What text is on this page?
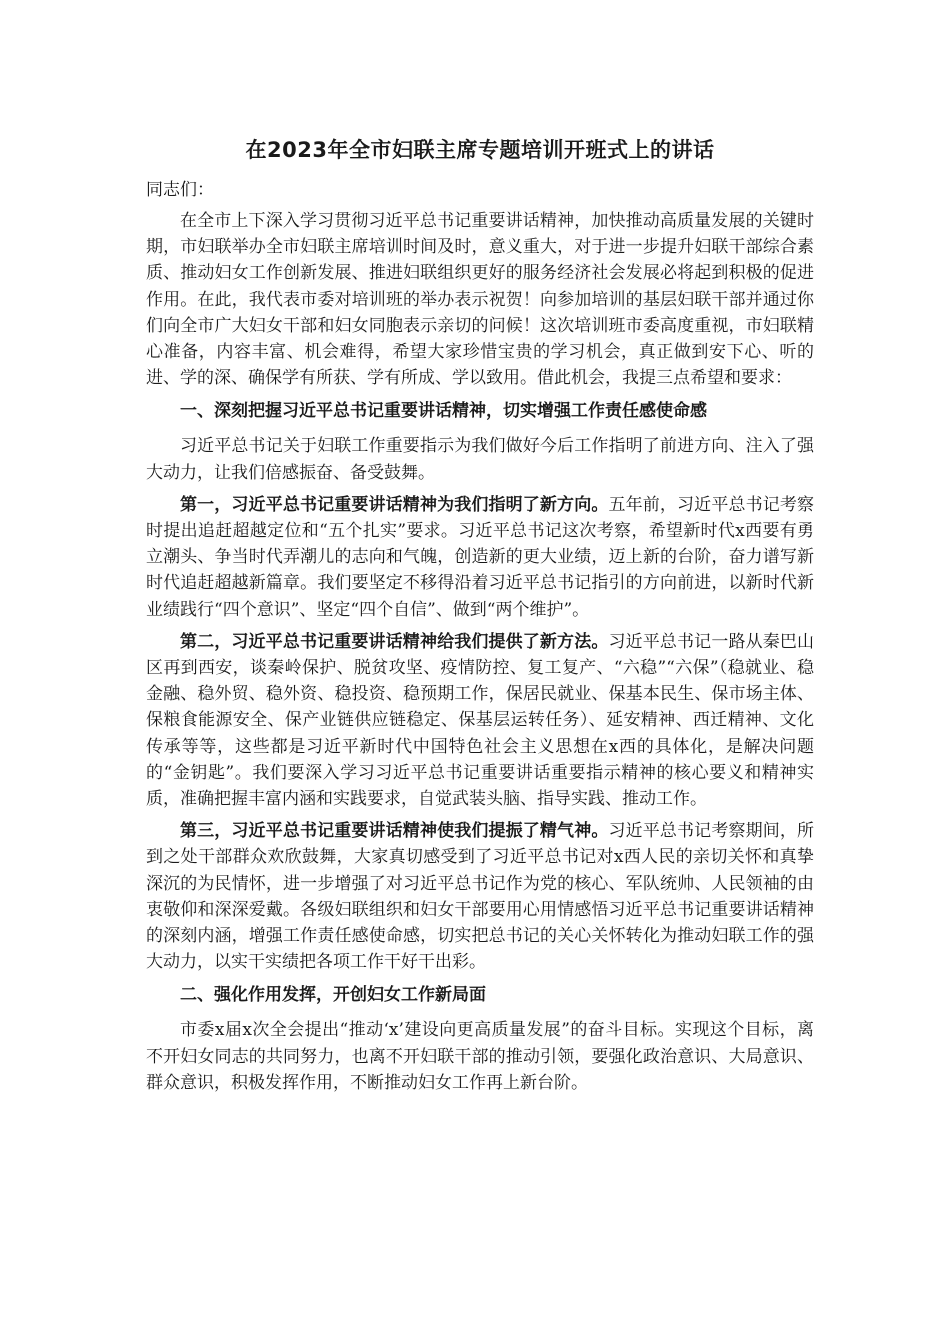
在2023年全市妇联主席专题培训开班式上的讲话

同志们：

在全市上下深入学习贯彻习近平总书记重要讲话精神，加快推动高质量发展的关键时期，市妇联举办全市妇联主席培训时间及时，意义重大，对于进一步提升妇联干部综合素质、推动妇女工作创新发展、推进妇联组织更好的服务经济社会发展必将起到积极的促进作用。在此，我代表市委对培训班的举办表示祝贺！向参加培训的基层妇联干部并通过你们向全市广大妇女干部和妇女同胞表示亲切的问候！这次培训班市委高度重视，市妇联精心准备，内容丰富、机会难得，希望大家珍惜宝贵的学习机会，真正做到安下心、听的进、学的深、确保学有所获、学有所成、学以致用。借此机会，我提三点希望和要求：

一、深刻把握习近平总书记重要讲话精神，切实增强工作责任感使命感

习近平总书记关于妇联工作重要指示为我们做好今后工作指明了前进方向、注入了强大动力，让我们倍感振奋、备受鼓舞。

第一，习近平总书记重要讲话精神为我们指明了新方向。五年前，习近平总书记考察时提出追赶超越定位和“五个扎实”要求。习近平总书记这次考察，希望新时代x西要有勇立潮头、争当时代弄潮儿的志向和气魄，创造新的更大业绩，迈上新的台阶，奋力谱写新时代追赶超越新篇章。我们要坚定不移得沿着习近平总书记指引的方向前进，以新时代新业绩践行“四个意识”、坚定“四个自信”、做到“两个维护”。

第二，习近平总书记重要讲话精神给我们提供了新方法。习近平总书记一路从秦巴山区再到西安，谈秦岭保护、脱贫攻坚、疫情防控、复工复产、“六稳”“六保”（稳就业、稳金融、稳外贸、稳外资、稳投资、稳预期工作，保居民就业、保基本民生、保市场主体、保粮食能源安全、保产业链供应链稳定、保基层运转任务）、延安精神、西迁精神、文化传承等等，这些都是习近平新时代中国特色社会主义思想在x西的具体化，是解决问题的“金钥匙”。我们要深入学习习近平总书记重要讲话重要指示精神的核心要义和精神实质，准确把握丰富内涵和实践要求，自觉武装头脑、指导实践、推动工作。

第三，习近平总书记重要讲话精神使我们提振了精气神。习近平总书记考察期间，所到之处干部群众欢欣鼓舞，大家真切感受到了习近平总书记对x西人民的亲切关怀和真挚深沉的为民情怀，进一步增强了对习近平总书记作为党的核心、军队统帅、人民领袖的由衷敬仰和深深爱戴。各级妇联组织和妇女干部要用心用情感悟习近平总书记重要讲话精神的深刻内涵，增强工作责任感使命感，切实把总书记的关心关怀转化为推动妇联工作的强大动力，以实干实绩把各项工作干好干出彩。

二、强化作用发挥，开创妇女工作新局面

市委x届x次全会提出“推动‘x’建设向更高质量发展”的奋斗目标。实现这个目标，离不开妇女同志的共同努力，也离不开妇联干部的推动引领，要强化政治意识、大局意识、群众意识，积极发挥作用，不断推动妇女工作再上新台阶。
